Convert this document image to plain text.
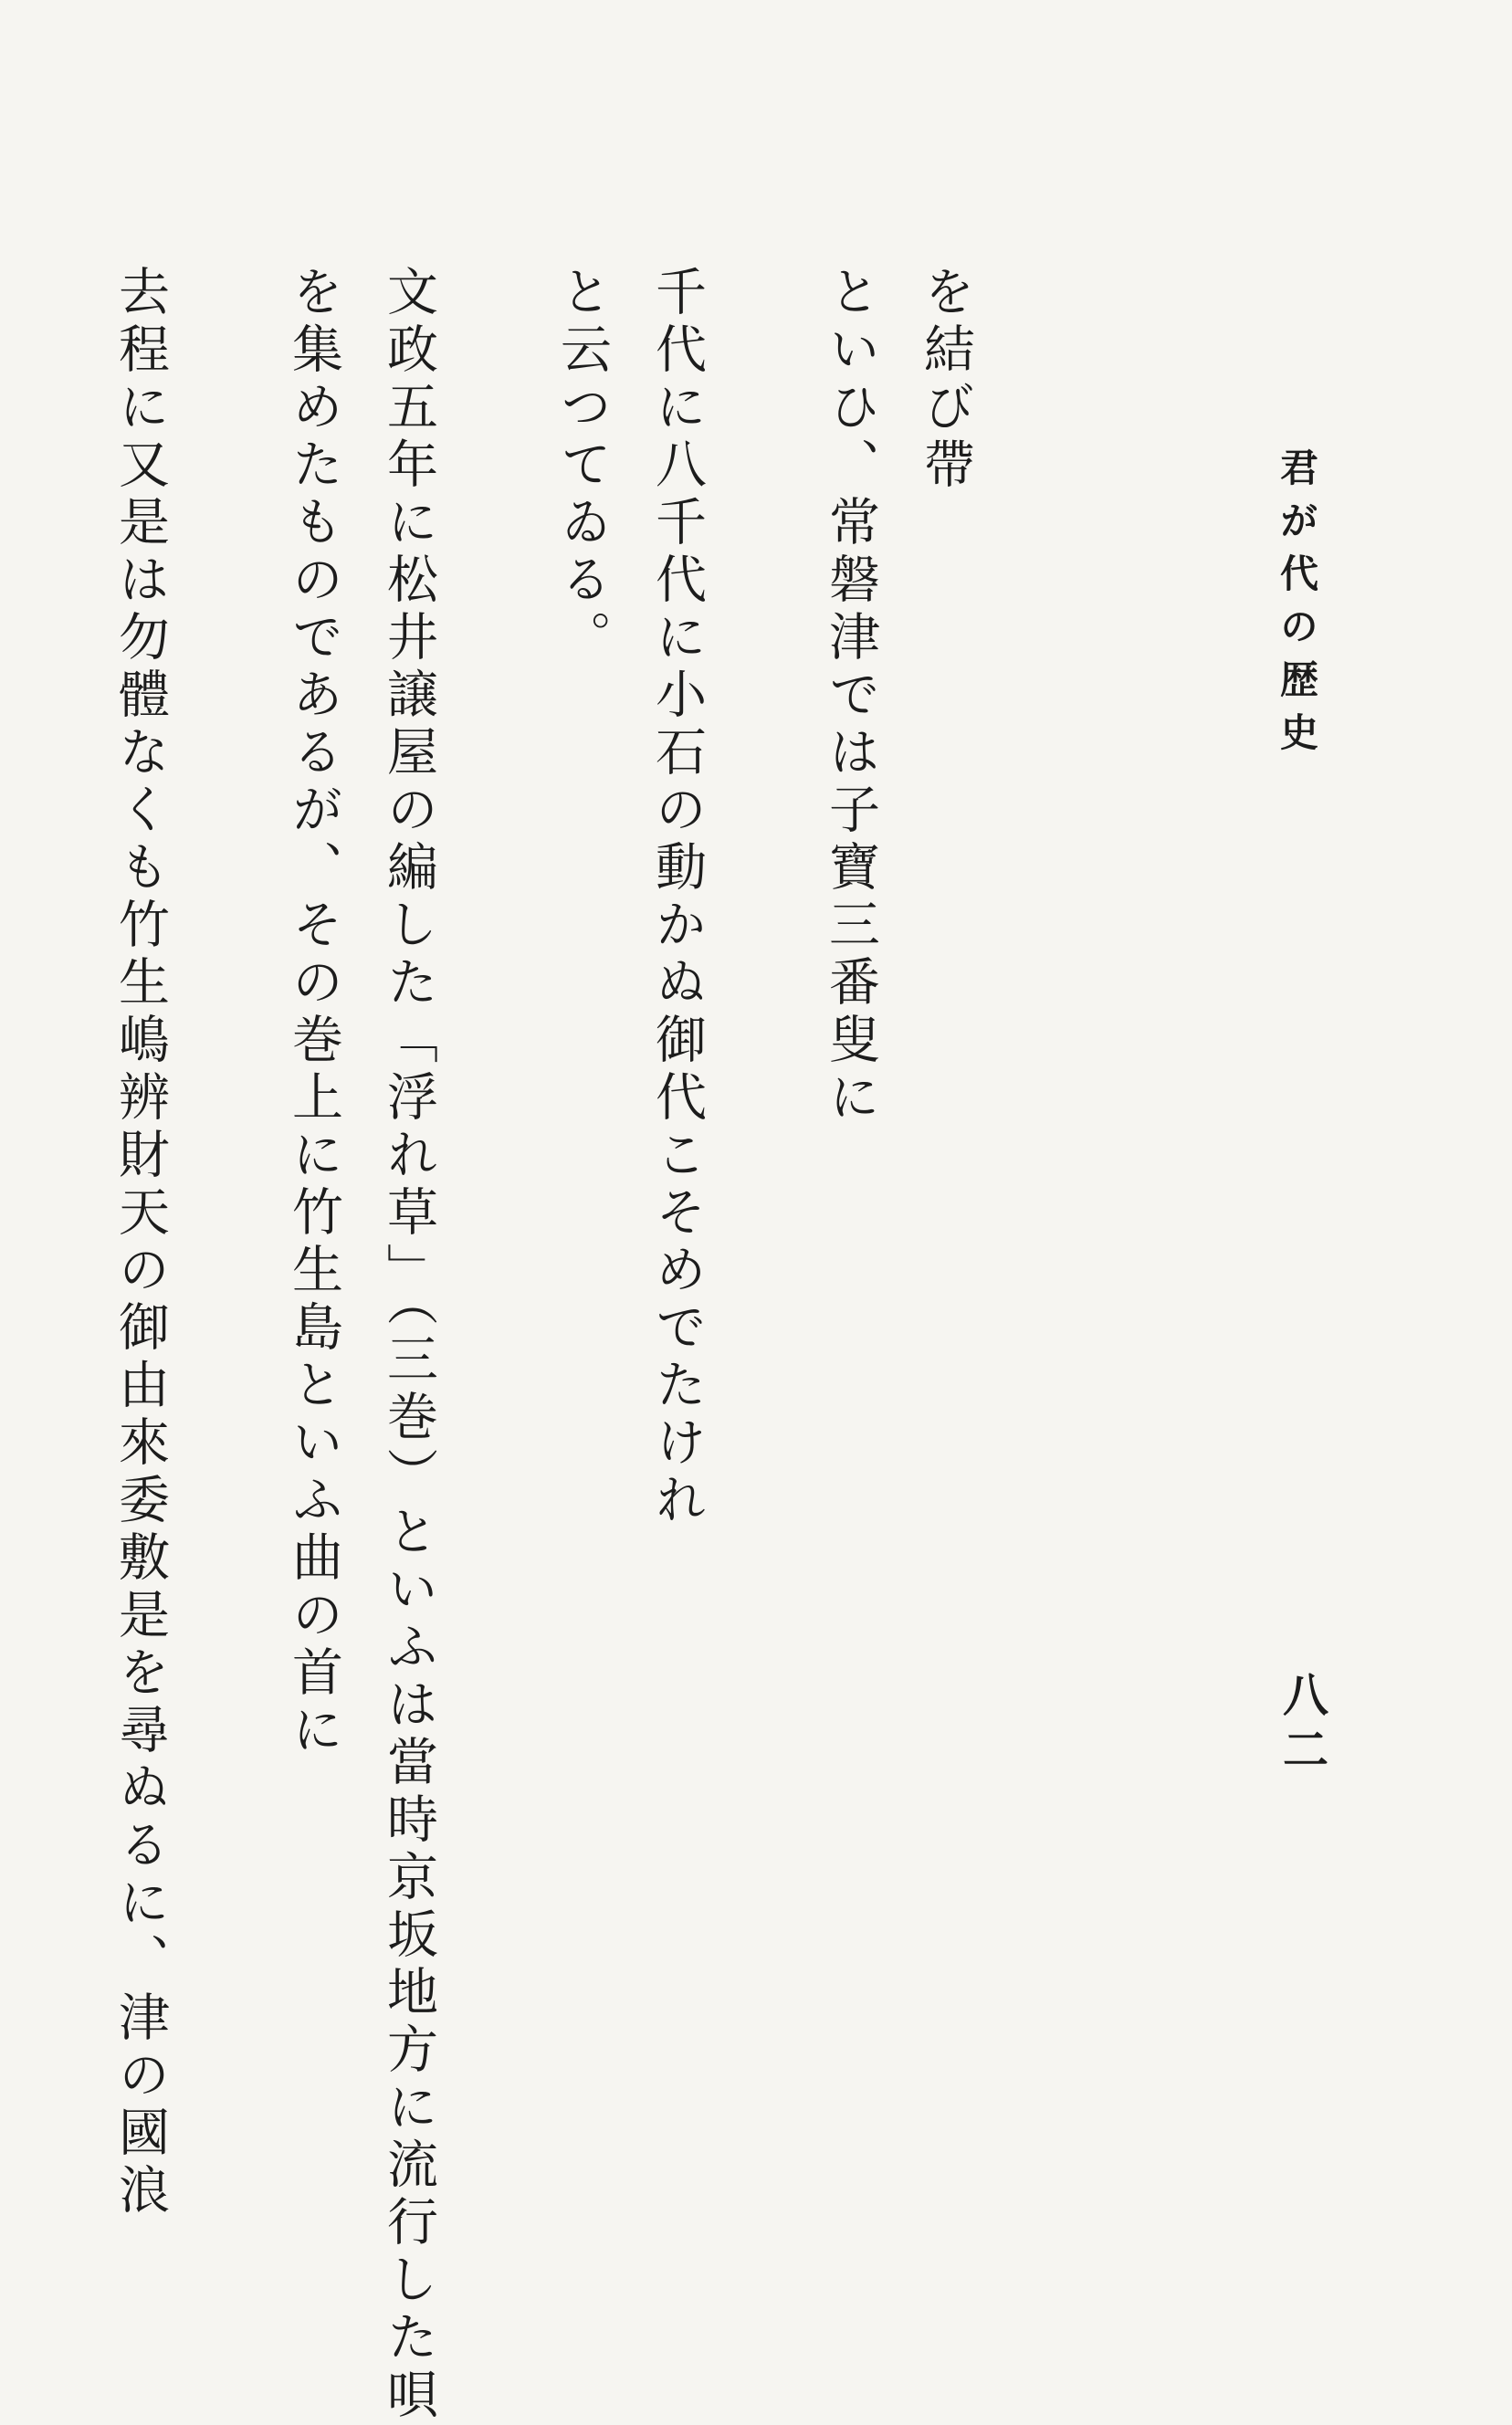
君が代の歴史
八二
を結び帶
といひ、常磐津では子寶三番叟に
千代に八千代に小石の動かぬ御代こそめでたけれ
と云つてゐる。
文政五年に松井譲屋の編した「浮れ草」（三巻）といふは當時京坂地方に流行した唄
を集めたものであるが、その巻上に竹生島といふ曲の首に
去程に又是は勿體なくも竹生嶋辨財天の御由來委敷是を尋ぬるに、津の國浪
